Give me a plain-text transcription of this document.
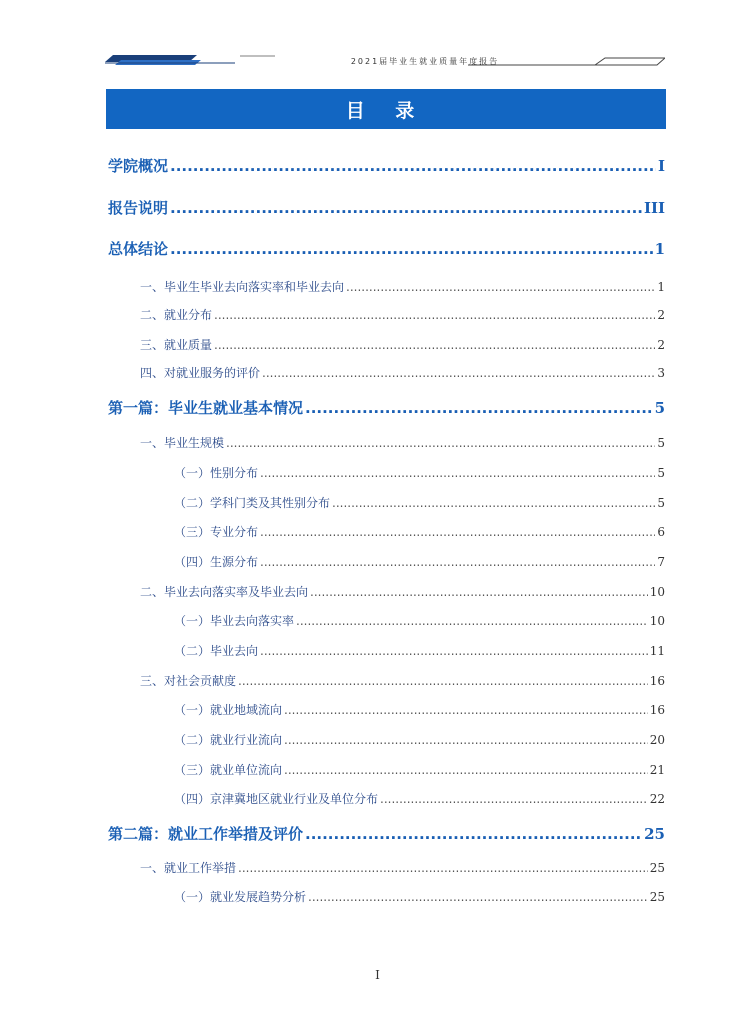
2021届毕业生就业质量年度报告
目 录
学院概况 .....	I
报告说明 .....	III
总体结论 .....	1
一、毕业生毕业去向落实率和毕业去向 .....	1
二、就业分布 .....	2
三、就业质量 .....	2
四、对就业服务的评价 .....	3
第一篇：毕业生就业基本情况 .....	5
一、毕业生规模 .....	5
（一）性别分布 .....	5
（二）学科门类及其性别分布 .....	5
（三）专业分布 .....	6
（四）生源分布 .....	7
二、毕业去向落实率及毕业去向 .....	10
（一）毕业去向落实率 .....	10
（二）毕业去向 .....	11
三、对社会贡献度 .....	16
（一）就业地域流向 .....	16
（二）就业行业流向 .....	20
（三）就业单位流向 .....	21
（四）京津冀地区就业行业及单位分布 .....	22
第二篇：就业工作举措及评价 .....	25
一、就业工作举措 .....	25
（一）就业发展趋势分析 .....	25
I
